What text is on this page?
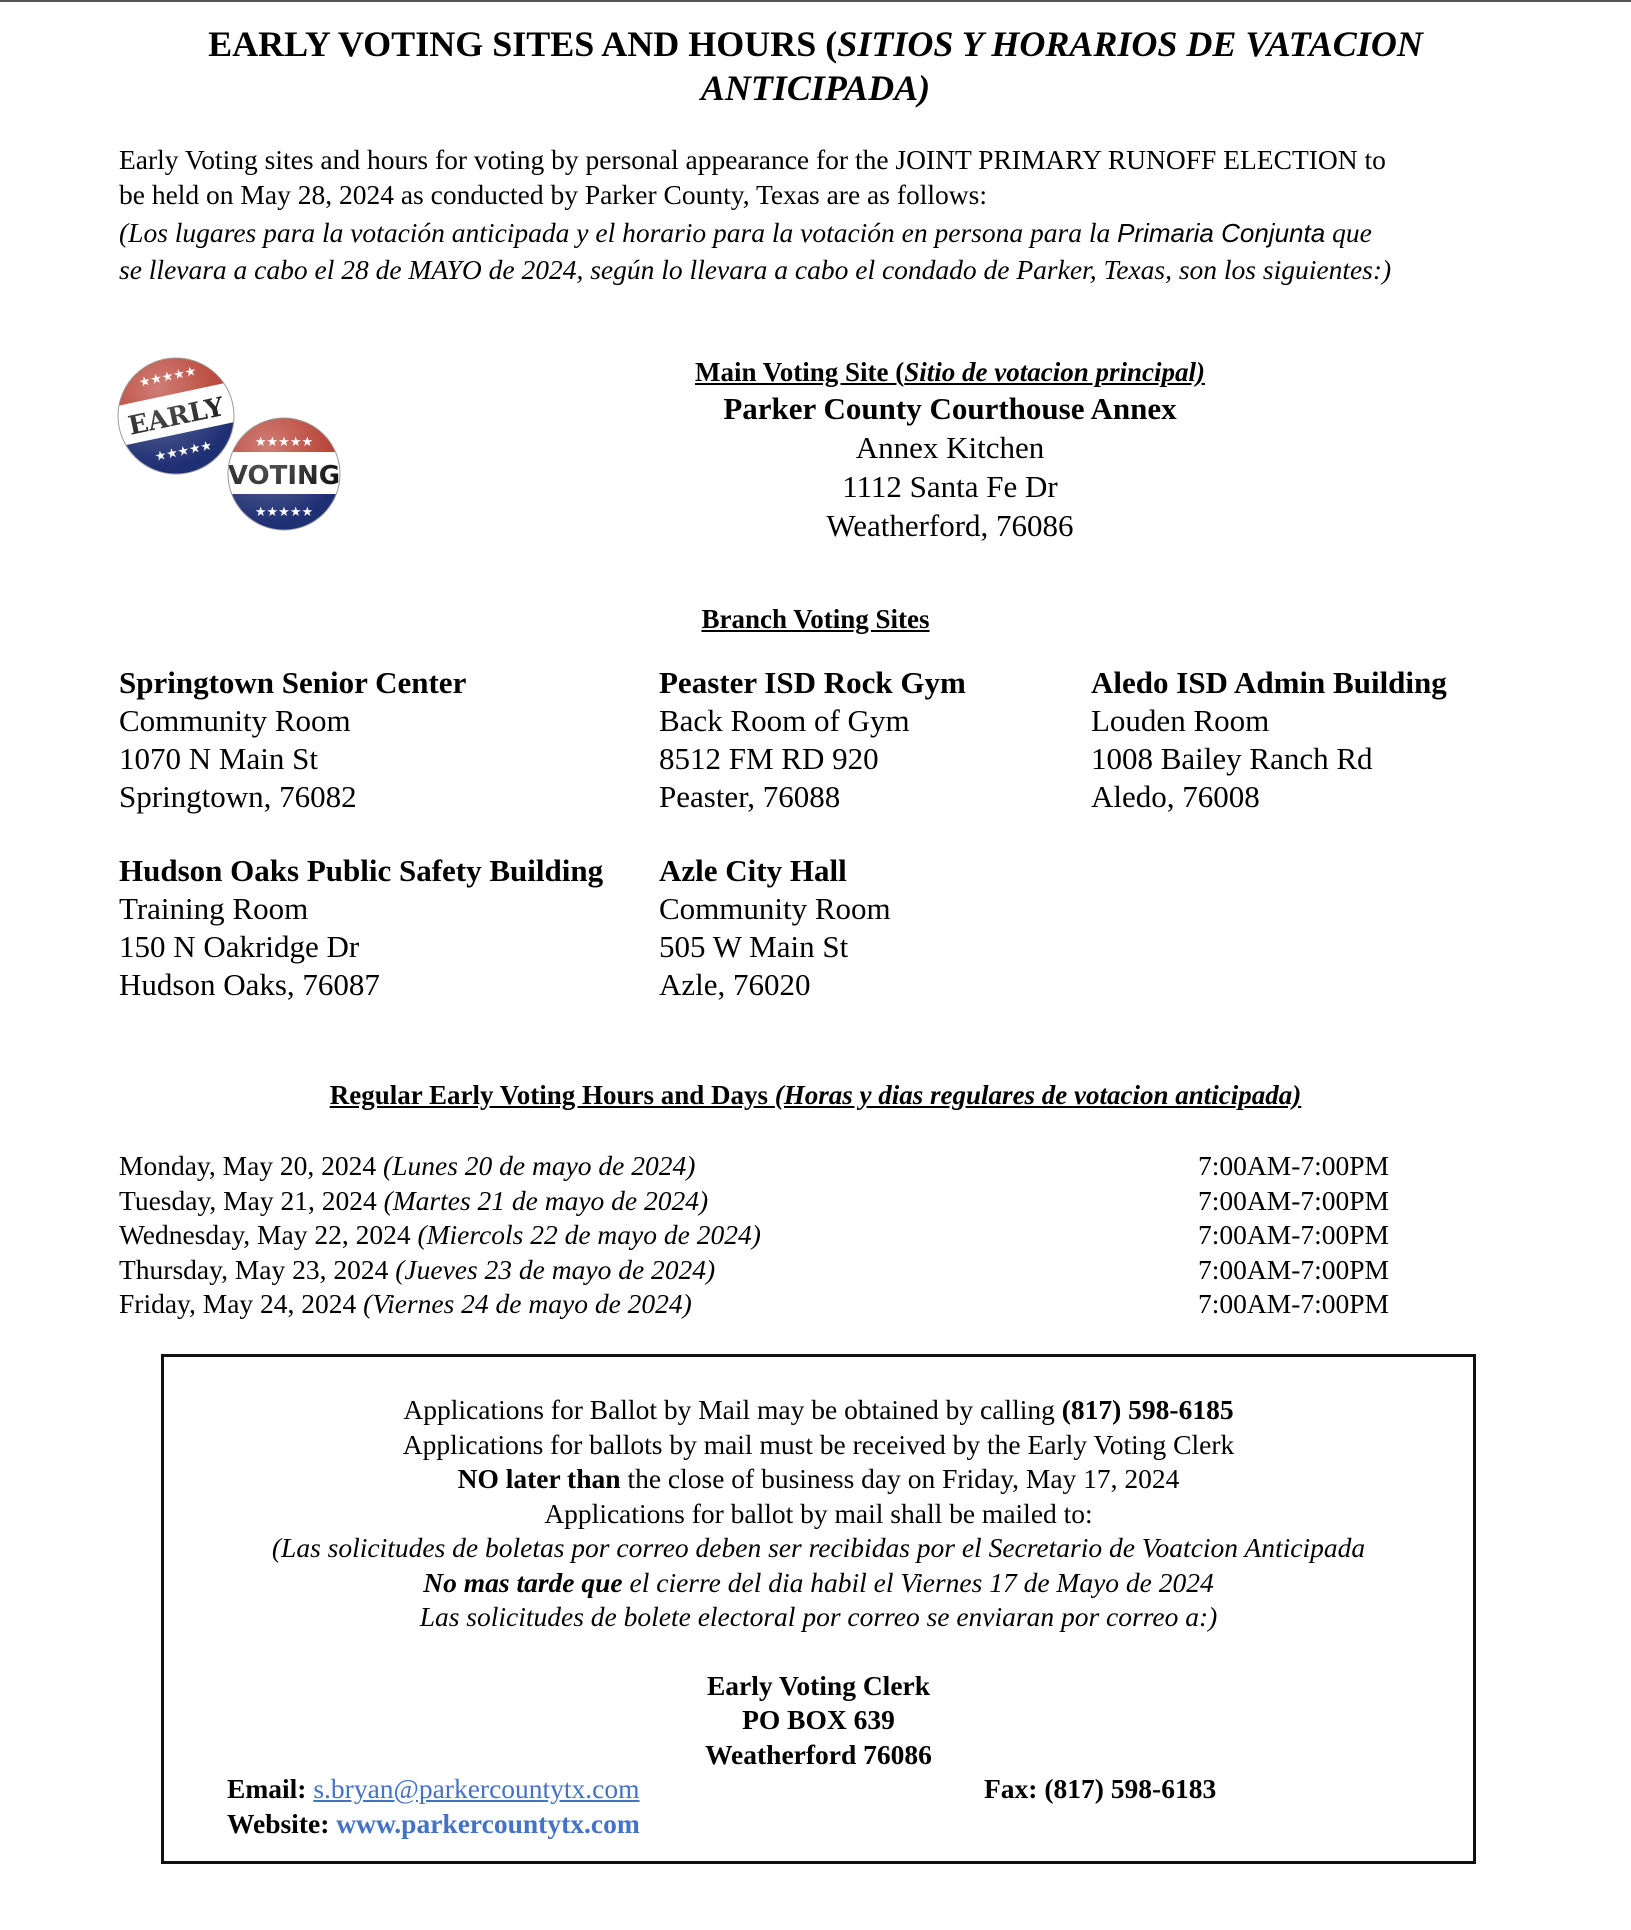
EARLY VOTING SITES AND HOURS (SITIOS Y HORARIOS DE VATACION
ANTICIPADA)
Early Voting sites and hours for voting by personal appearance for the JOINT PRIMARY RUNOFF ELECTION to
be held on May 28, 2024 as conducted by Parker County, Texas are as follows:
(Los lugares para la votación anticipada y el horario para la votación en persona para la Primaria Conjunta que
se llevara a cabo el 28 de MAYO de 2024, según lo llevara a cabo el condado de Parker, Texas, son los siguientes:)
Main Voting Site (Sitio de votacion principal)
Parker County Courthouse Annex
Annex Kitchen
1112 Santa Fe Dr
Weatherford, 76086
Branch Voting Sites
Springtown Senior Center
Community Room
1070 N Main St
Springtown, 76082
Peaster ISD Rock Gym
Back Room of Gym
8512 FM RD 920
Peaster, 76088
Aledo ISD Admin Building
Louden Room
1008 Bailey Ranch Rd
Aledo, 76008
Hudson Oaks Public Safety Building
Training Room
150 N Oakridge Dr
Hudson Oaks, 76087
Azle City Hall
Community Room
505 W Main St
Azle, 76020
Regular Early Voting Hours and Days (Horas y dias regulares de votacion anticipada)
Monday, May 20, 2024 (Lunes 20 de mayo de 2024)	7:00AM-7:00PM
Tuesday, May 21, 2024 (Martes 21 de mayo de 2024)	7:00AM-7:00PM
Wednesday, May 22, 2024 (Miercols 22 de mayo de 2024)	7:00AM-7:00PM
Thursday, May 23, 2024 (Jueves 23 de mayo de 2024)	7:00AM-7:00PM
Friday, May 24, 2024 (Viernes 24 de mayo de 2024)	7:00AM-7:00PM
Applications for Ballot by Mail may be obtained by calling (817) 598-6185
Applications for ballots by mail must be received by the Early Voting Clerk
NO later than the close of business day on Friday, May 17, 2024
Applications for ballot by mail shall be mailed to:
(Las solicitudes de boletas por correo deben ser recibidas por el Secretario de Voatcion Anticipada
No mas tarde que el cierre del dia habil el Viernes 17 de Mayo de 2024
Las solicitudes de bolete electoral por correo se enviaran por correo a:)
Early Voting Clerk
PO BOX 639
Weatherford 76086
Email: s.bryan@parkercountytx.com	Fax: (817) 598-6183
Website: www.parkercountytx.com
